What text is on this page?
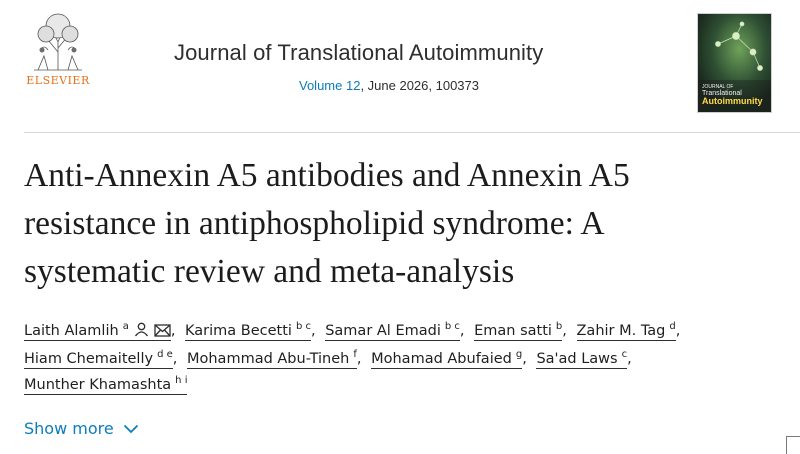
ELSEVIER
Journal of Translational Autoimmunity
Volume 12, June 2026, 100373	JOURNAL OF
Translational
Autoimmunity
Anti-Annexin A5 antibodies and Annexin A5
resistance in antiphospholipid syndrome: A
systematic review and meta-analysis
Laith Alamlih $^a$	, Karima Becetti $^{b c}$, Samar Al Emadi $^{b c}$, Eman satti $^b$, Zahir M. Tag $^d$,
Hiam Chemaitelly $^{d e}$, Mohammad Abu-Tineh $^f$, Mohamad Abufaied $^g$, Sa'ad Laws $^c$,
Munther Khamashta $^{h i}$
Show more
